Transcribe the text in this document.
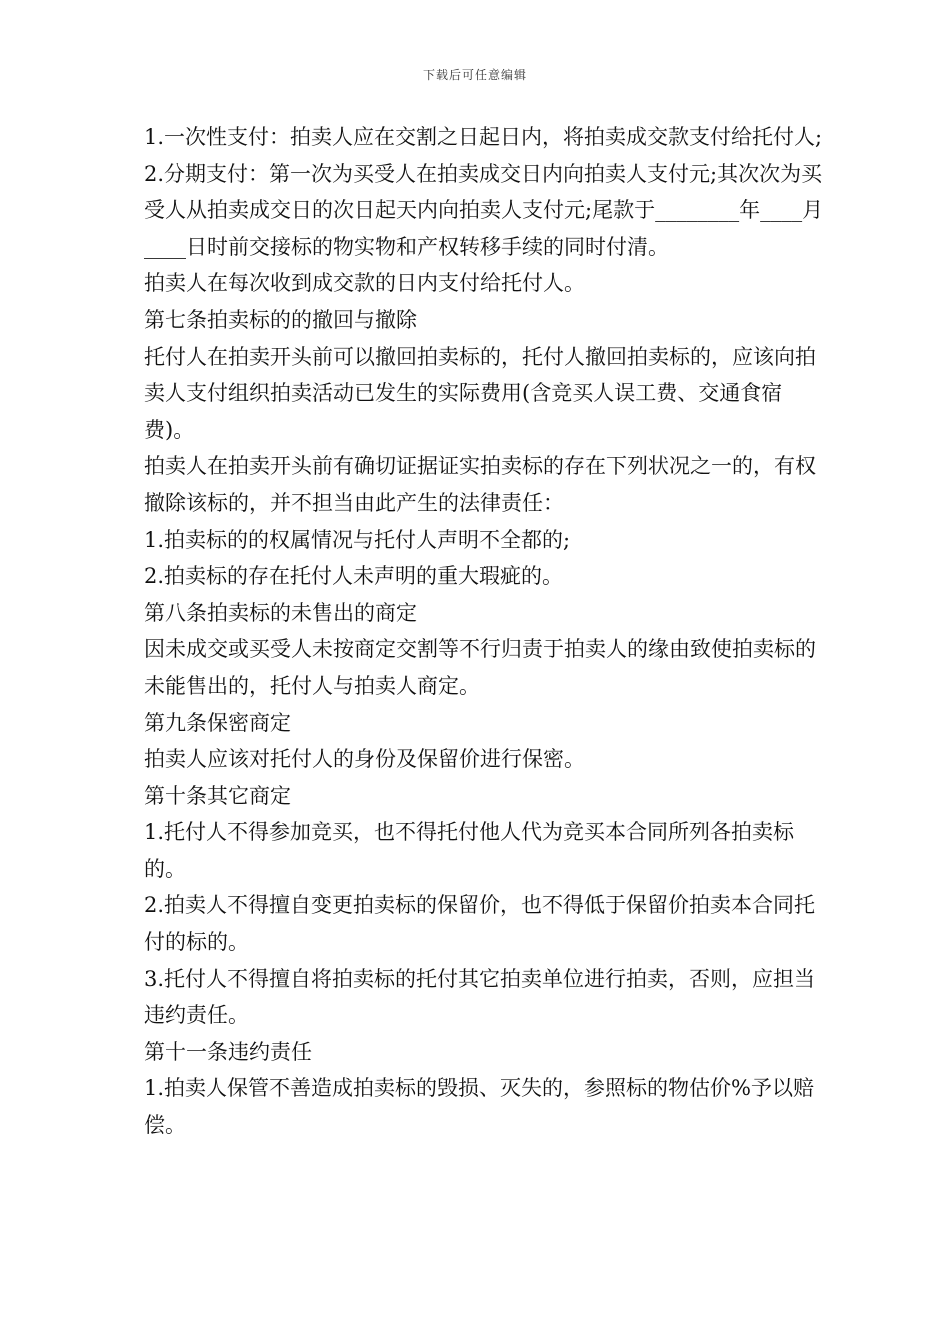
下载后可任意编辑

1.一次性支付：拍卖人应在交割之日起日内，将拍卖成交款支付给托付人;

2.分期支付：第一次为买受人在拍卖成交日内向拍卖人支付元;其次次为买受人从拍卖成交日的次日起天内向拍卖人支付元;尾款于________年____月____日时前交接标的物实物和产权转移手续的同时付清。

拍卖人在每次收到成交款的日内支付给托付人。

第七条拍卖标的的撤回与撤除

托付人在拍卖开头前可以撤回拍卖标的，托付人撤回拍卖标的，应该向拍卖人支付组织拍卖活动已发生的实际费用(含竞买人误工费、交通食宿费)。

拍卖人在拍卖开头前有确切证据证实拍卖标的存在下列状况之一的，有权撤除该标的，并不担当由此产生的法律责任：

1.拍卖标的的权属情况与托付人声明不全都的;

2.拍卖标的存在托付人未声明的重大瑕疵的。

第八条拍卖标的未售出的商定

因未成交或买受人未按商定交割等不行归责于拍卖人的缘由致使拍卖标的未能售出的，托付人与拍卖人商定。

第九条保密商定

拍卖人应该对托付人的身份及保留价进行保密。

第十条其它商定

1.托付人不得参加竞买，也不得托付他人代为竞买本合同所列各拍卖标的。

2.拍卖人不得擅自变更拍卖标的保留价，也不得低于保留价拍卖本合同托付的标的。

3.托付人不得擅自将拍卖标的托付其它拍卖单位进行拍卖，否则，应担当违约责任。

第十一条违约责任

1.拍卖人保管不善造成拍卖标的毁损、灭失的，参照标的物估价%予以赔偿。
